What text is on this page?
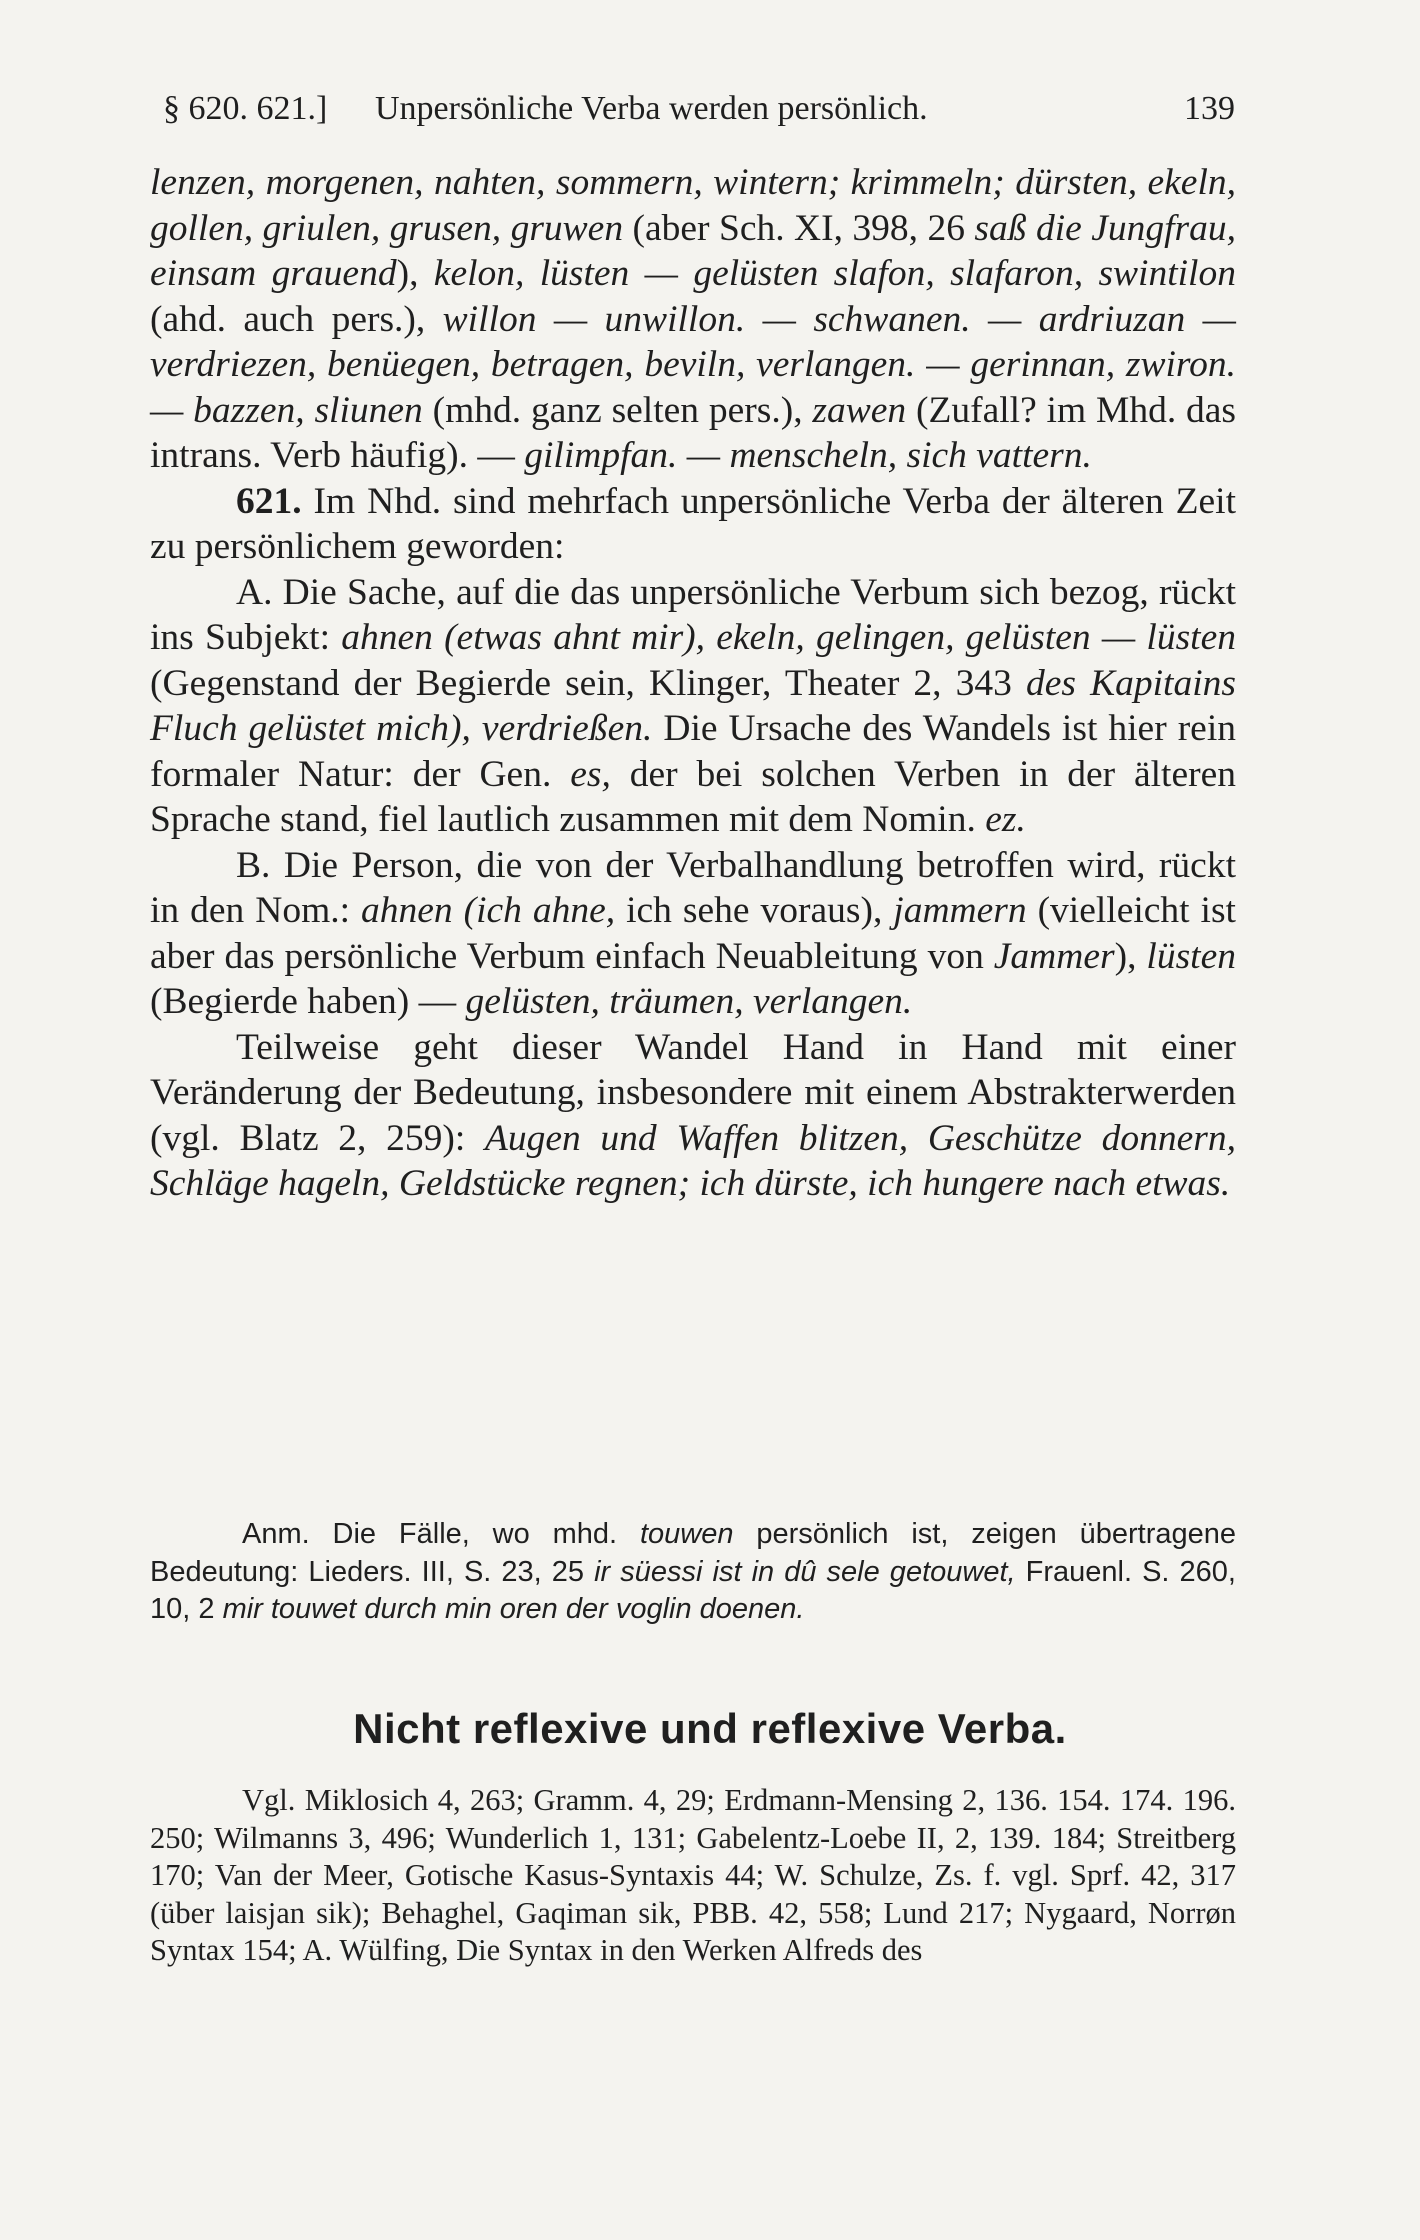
§ 620. 621.] Unpersönliche Verba werden persönlich.	139

lenzen, morgenen, nahten, sommern, wintern; krimmeln; dürsten, ekeln, gollen, griulen, grusen, gruwen (aber Sch. XI, 398, 26 saß die Jungfrau, einsam grauend), kelon, lüsten — gelüsten slafon, slafaron, swintilon (ahd. auch pers.), willon — unwillon. — schwanen. — ardriuzan — verdriezen, benüegen, betragen, beviln, verlangen. — gerinnan, zwiron. — bazzen, sliunen (mhd. ganz selten pers.), zawen (Zufall? im Mhd. das intrans. Verb häufig). — gilimpfan. — menscheln, sich vattern.

621. Im Nhd. sind mehrfach unpersönliche Verba der älteren Zeit zu persönlichem geworden:

A. Die Sache, auf die das unpersönliche Verbum sich bezog, rückt ins Subjekt: ahnen (etwas ahnt mir), ekeln, gelingen, gelüsten — lüsten (Gegenstand der Begierde sein, Klinger, Theater 2, 343 des Kapitains Fluch gelüstet mich), verdrießen. Die Ursache des Wandels ist hier rein formaler Natur: der Gen. es, der bei solchen Verben in der älteren Sprache stand, fiel lautlich zusammen mit dem Nomin. ez.

B. Die Person, die von der Verbalhandlung betroffen wird, rückt in den Nom.: ahnen (ich ahne, ich sehe voraus), jammern (vielleicht ist aber das persönliche Verbum einfach Neuableitung von Jammer), lüsten (Begierde haben) — gelüsten, träumen, verlangen.

Teilweise geht dieser Wandel Hand in Hand mit einer Veränderung der Bedeutung, insbesondere mit einem Abstrakterwerden (vgl. Blatz 2, 259): Augen und Waffen blitzen, Geschütze donnern, Schläge hageln, Geldstücke regnen; ich dürste, ich hungere nach etwas.

Anm. Die Fälle, wo mhd. touwen persönlich ist, zeigen übertragene Bedeutung: Lieders. III, S. 23, 25 ir süessi ist in dû sele getouwet, Frauenl. S. 260, 10, 2 mir touwet durch min oren der voglin doenen.

Nicht reflexive und reflexive Verba.

Vgl. Miklosich 4, 263; Gramm. 4, 29; Erdmann-Mensing 2, 136. 154. 174. 196. 250; Wilmanns 3, 496; Wunderlich 1, 131; Gabelentz-Loebe II, 2, 139. 184; Streitberg 170; Van der Meer, Gotische Kasus-Syntaxis 44; W. Schulze, Zs. f. vgl. Sprf. 42, 317 (über laisjan sik); Behaghel, Gaqiman sik, PBB. 42, 558; Lund 217; Nygaard, Norrøn Syntax 154; A. Wülfing, Die Syntax in den Werken Alfreds des
